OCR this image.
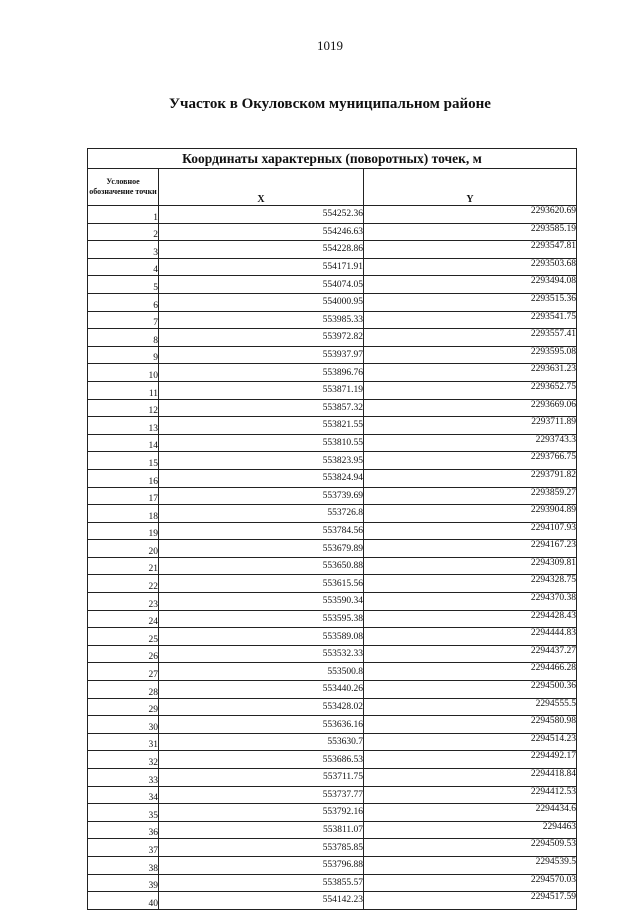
1019
Участок в Окуловском муниципальном районе
Координаты характерных (поворотных) точек, м		
Условное обозначение точки	X	Y
1	554252.36	2293620.69
2	554246.63	2293585.19
3	554228.86	2293547.81
4	554171.91	2293503.68
5	554074.05	2293494.08
6	554000.95	2293515.36
7	553985.33	2293541.75
8	553972.82	2293557.41
9	553937.97	2293595.08
10	553896.76	2293631.23
11	553871.19	2293652.75
12	553857.32	2293669.06
13	553821.55	2293711.89
14	553810.55	2293743.3
15	553823.95	2293766.75
16	553824.94	2293791.82
17	553739.69	2293859.27
18	553726.8	2293904.89
19	553784.56	2294107.93
20	553679.89	2294167.23
21	553650.88	2294309.81
22	553615.56	2294328.75
23	553590.34	2294370.38
24	553595.38	2294428.43
25	553589.08	2294444.83
26	553532.33	2294437.27
27	553500.8	2294466.28
28	553440.26	2294500.36
29	553428.02	2294555.5
30	553636.16	2294580.98
31	553630.7	2294514.23
32	553686.53	2294492.17
33	553711.75	2294418.84
34	553737.77	2294412.53
35	553792.16	2294434.6
36	553811.07	2294463
37	553785.85	2294509.53
38	553796.88	2294539.5
39	553855.57	2294570.03
40	554142.23	2294517.59
